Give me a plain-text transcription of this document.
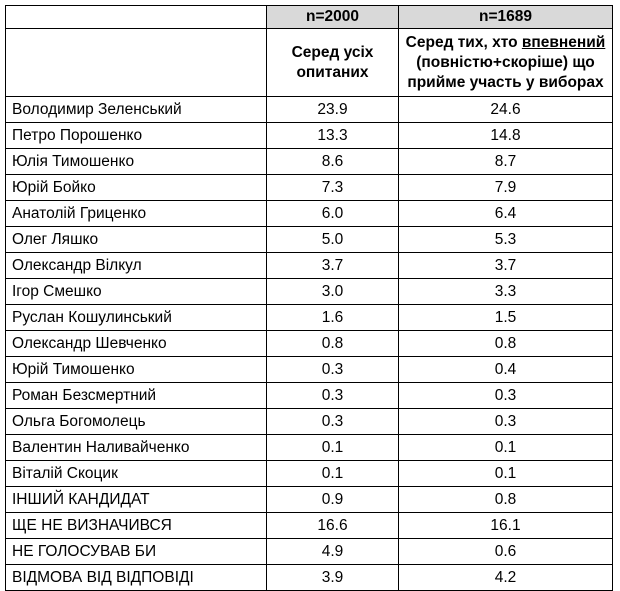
	n=2000	n=1689
	Серед усіх опитаних	Серед тих, хто впевнений (повністю+скоріше) що прийме участь у виборах
Володимир Зеленський	23.9	24.6
Петро Порошенко	13.3	14.8
Юлія Тимошенко	8.6	8.7
Юрій Бойко	7.3	7.9
Анатолій Гриценко	6.0	6.4
Олег Ляшко	5.0	5.3
Олександр Вілкул	3.7	3.7
Ігор Смешко	3.0	3.3
Руслан Кошулинський	1.6	1.5
Олександр Шевченко	0.8	0.8
Юрій Тимошенко	0.3	0.4
Роман Безсмертний	0.3	0.3
Ольга Богомолець	0.3	0.3
Валентин Наливайченко	0.1	0.1
Віталій Скоцик	0.1	0.1
ІНШИЙ КАНДИДАТ	0.9	0.8
ЩЕ НЕ ВИЗНАЧИВСЯ	16.6	16.1
НЕ ГОЛОСУВАВ БИ	4.9	0.6
ВІДМОВА ВІД ВІДПОВІДІ	3.9	4.2
